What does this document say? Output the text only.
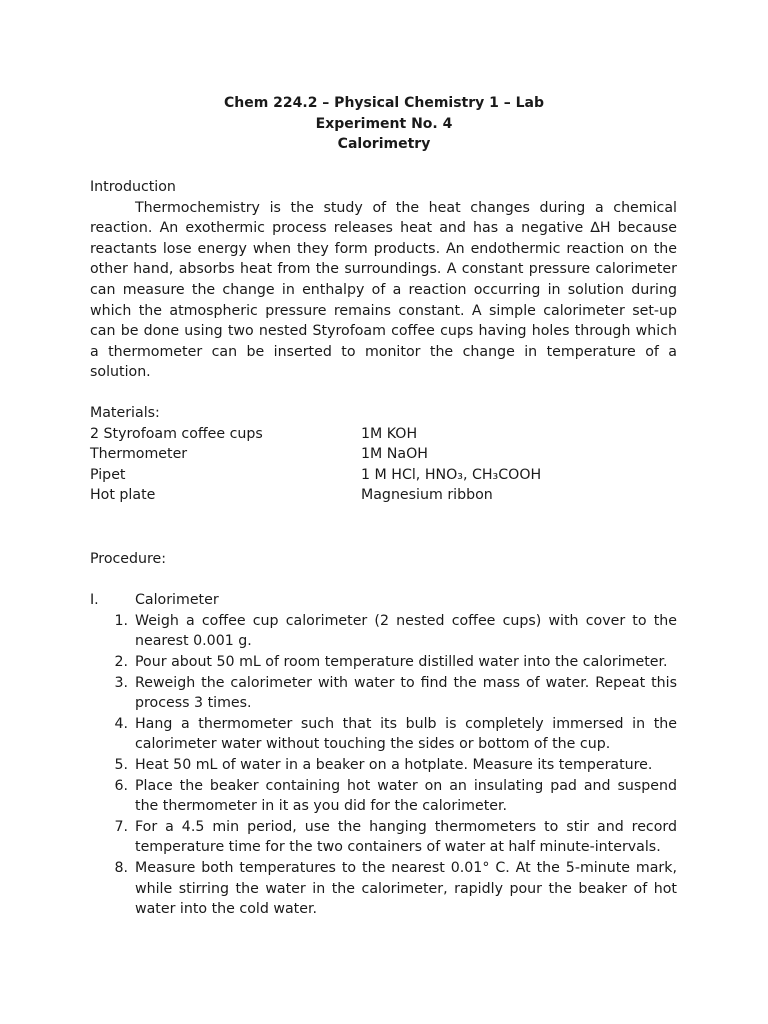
Chem 224.2 – Physical Chemistry 1 – Lab
Experiment No. 4
Calorimetry
Introduction

Thermochemistry is the study of the heat changes during a chemical reaction. An exothermic process releases heat and has a negative ∆H because reactants lose energy when they form products. An endothermic reaction on the other hand, absorbs heat from the surroundings. A constant pressure calorimeter can measure the change in enthalpy of a reaction occurring in solution during which the atmospheric pressure remains constant. A simple calorimeter set-up can be done using two nested Styrofoam coffee cups having holes through which a thermometer can be inserted to monitor the change in temperature of a solution.

Materials:
2 Styrofoam coffee cups	1M KOH
Thermometer	1M NaOH
Pipet	1 M HCl, HNO₃, CH₃COOH
Hot plate	Magnesium ribbon
Procedure:
I.	Calorimeter
1. Weigh a coffee cup calorimeter (2 nested coffee cups) with cover to the nearest 0.001 g.
2. Pour about 50 mL of room temperature distilled water into the calorimeter.
3. Reweigh the calorimeter with water to find the mass of water. Repeat this process 3 times.
4. Hang a thermometer such that its bulb is completely immersed in the calorimeter water without touching the sides or bottom of the cup.
5. Heat 50 mL of water in a beaker on a hotplate. Measure its temperature.
6. Place the beaker containing hot water on an insulating pad and suspend the thermometer in it as you did for the calorimeter.
7. For a 4.5 min period, use the hanging thermometers to stir and record temperature time for the two containers of water at half minute-intervals.
8. Measure both temperatures to the nearest 0.01° C. At the 5-minute mark, while stirring the water in the calorimeter, rapidly pour the beaker of hot water into the cold water.
